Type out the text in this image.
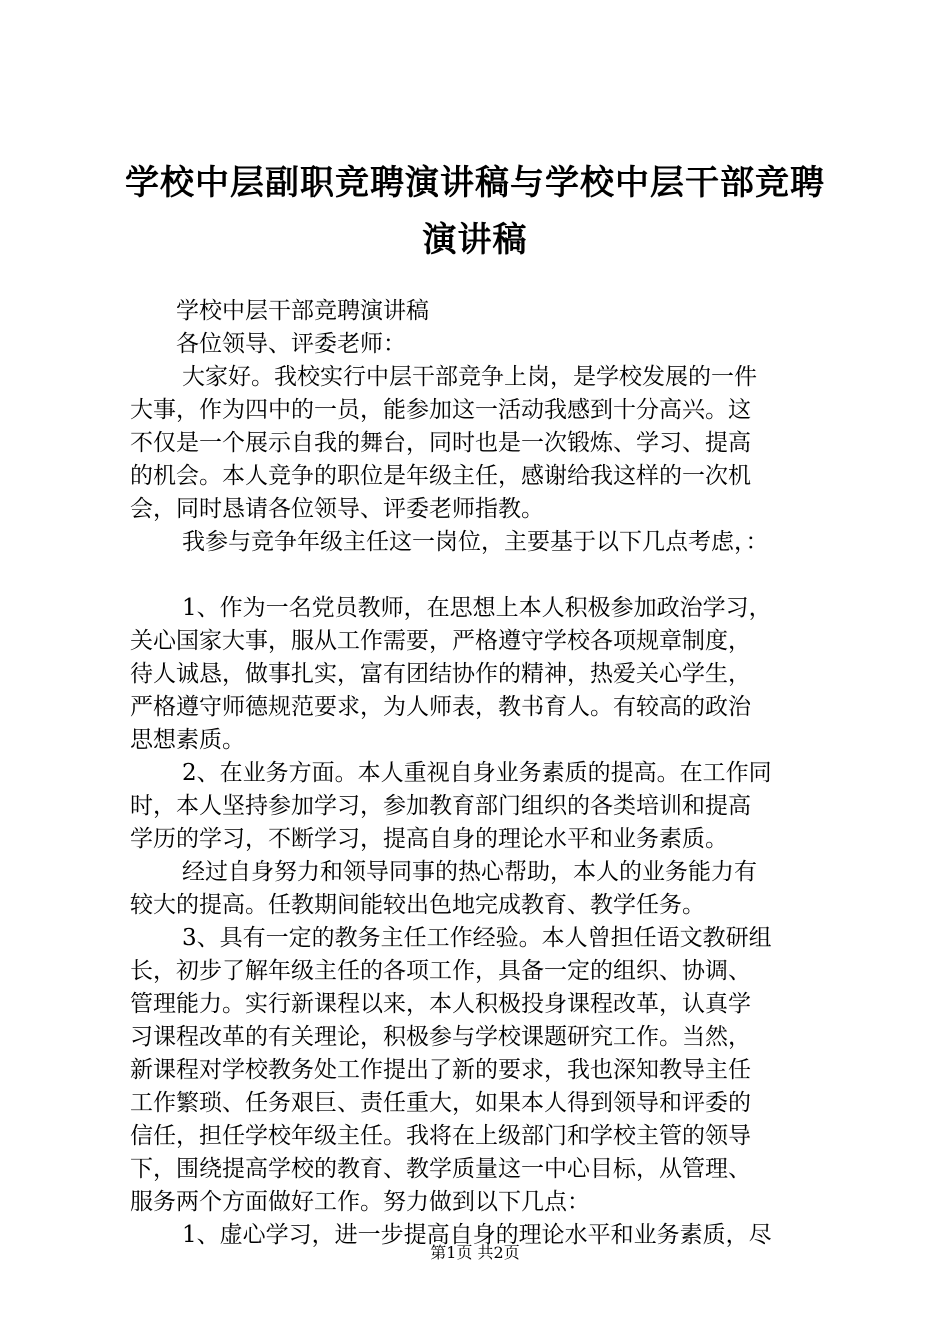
学校中层副职竞聘演讲稿与学校中层干部竞聘
演讲稿

学校中层干部竞聘演讲稿

各位领导、评委老师：

大家好。我校实行中层干部竞争上岗，是学校发展的一件

大事，作为四中的一员，能参加这一活动我感到十分高兴。这

不仅是一个展示自我的舞台，同时也是一次锻炼、学习、提高

的机会。本人竞争的职位是年级主任，感谢给我这样的一次机

会，同时恳请各位领导、评委老师指教。

我参与竞争年级主任这一岗位，主要基于以下几点考虑，：

1、作为一名党员教师，在思想上本人积极参加政治学习，

关心国家大事，服从工作需要，严格遵守学校各项规章制度，

待人诚恳，做事扎实，富有团结协作的精神，热爱关心学生，

严格遵守师德规范要求，为人师表，教书育人。有较高的政治

思想素质。

2、在业务方面。本人重视自身业务素质的提高。在工作同

时，本人坚持参加学习，参加教育部门组织的各类培训和提高

学历的学习，不断学习，提高自身的理论水平和业务素质。

经过自身努力和领导同事的热心帮助，本人的业务能力有

较大的提高。任教期间能较出色地完成教育、教学任务。

3、具有一定的教务主任工作经验。本人曾担任语文教研组

长，初步了解年级主任的各项工作，具备一定的组织、协调、

管理能力。实行新课程以来，本人积极投身课程改革，认真学

习课程改革的有关理论，积极参与学校课题研究工作。当然，

新课程对学校教务处工作提出了新的要求，我也深知教导主任

工作繁琐、任务艰巨、责任重大，如果本人得到领导和评委的

信任，担任学校年级主任。我将在上级部门和学校主管的领导

下，围绕提高学校的教育、教学质量这一中心目标，从管理、

服务两个方面做好工作。努力做到以下几点：

1、虚心学习，进一步提高自身的理论水平和业务素质，尽

第1页 共2页
